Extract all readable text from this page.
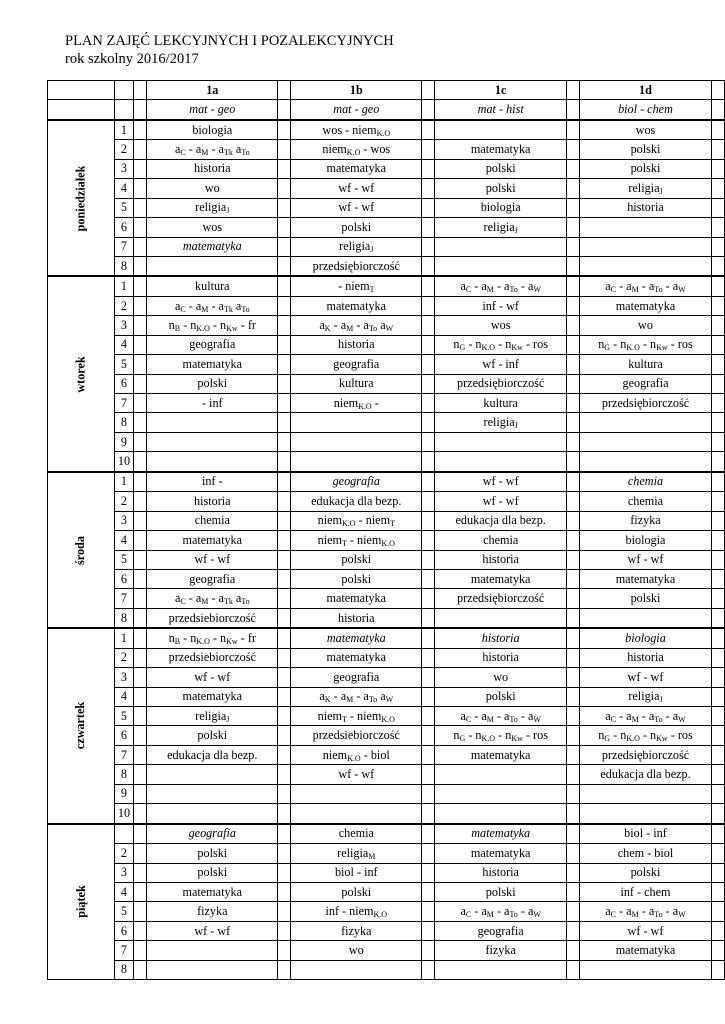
PLAN ZAJĘĆ LEKCYJNYCH I POZALEKCYJNYCH
rok szkolny 2016/2017
			1a		1b		1c		1d	
			mat - geo		mat - geo		mat - hist		biol - chem	
poniedziałek	1		biologia		wos - niem$_{K.O}$				wos	
	2		$a_C - a_M - a_{Tk}$ $a_{To}$		niem$_{K.O}$ - wos		matematyka		polski	
	3		historia		matematyka		polski		polski	
	4		wo		wf - wf		polski		religia$_J$	
	5		religia$_J$		wf - wf		biologia		historia	
	6		wos		polski		religia$_J$			
	7		matematyka		religia$_J$					
	8				przedsiębiorczość					
wtorek	1		kultura		- niem$_T$		$a_C - a_M - a_{To} - a_W$		$a_C - a_M - a_{To} - a_W$	
	2		$a_C - a_M - a_{Tk}$ $a_{To}$		matematyka		inf - wf		matematyka	
	3		$n_B - n_{K.O} - n_{Kw}$ - fr		$a_K - a_M - a_{To}$ $a_W$		wos		wo	
	4		geografia		historia		$n_G - n_{K.O} - n_{Kw}$ - ros		$n_G - n_{K.O} - n_{Kw}$ - ros	
	5		matematyka		geografia		wf - inf		kultura	
	6		polski		kultura		przedsiębiorczość		geografia	
	7		- inf		niem$_{K.O}$ -		kultura		przedsiębiorczość	
	8						religia$_J$			
	9									
	10									
środa	1		inf -		geografia		wf - wf		chemia	
	2		historia		edukacja dla bezp.		wf - wf		chemia	
	3		chemia		niem$_{K.O}$ - niem$_T$		edukacja dla bezp.		fizyka	
	4		matematyka		niem$_T$ - niem$_{K.O}$		chemia		biologia	
	5		wf - wf		polski		historia		wf - wf	
	6		geografia		polski		matematyka		matematyka	
	7		$a_C - a_M - a_{Tk}$ $a_{To}$		matematyka		przedsiębiorczość		polski	
	8		przedsiebiorczość		historia					
czwartek	1		$n_B - n_{K.O} - n_{Kw}$ - fr		matematyka		historia		biologia	
	2		przedsiebiorczość		matematyka		historia		historia	
	3		wf - wf		geografia		wo		wf - wf	
	4		matematyka		$a_K - a_M - a_{To}$ $a_W$		polski		religia$_J$	
	5		religia$_J$		niem$_T$ - niem$_{K.O}$		$a_C - a_M - a_{To} - a_W$		$a_C - a_M - a_{To} - a_W$	
	6		polski		przedsiebiorczość		$n_G - n_{K.O} - n_{Kw}$ - ros		$n_G - n_{K.O} - n_{Kw}$ - ros	
	7		edukacja dla bezp.		niem$_{K.O}$ - biol		matematyka		przedsiębiorczość	
	8				wf - wf				edukacja dla bezp.	
	9									
	10									
piątek			geografia		chemia		matematyka		biol - inf	
	2		polski		religia$_M$		matematyka		chem - biol	
	3		polski		biol - inf		historia		polski	
	4		matematyka		polski		polski		inf - chem	
	5		fizyka		inf - niem$_{K.O}$		$a_C - a_M - a_{To} - a_W$		$a_C - a_M - a_{To} - a_W$	
	6		wf - wf		fizyka		geografia		wf - wf	
	7				wo		fizyka		matematyka	
	8									
